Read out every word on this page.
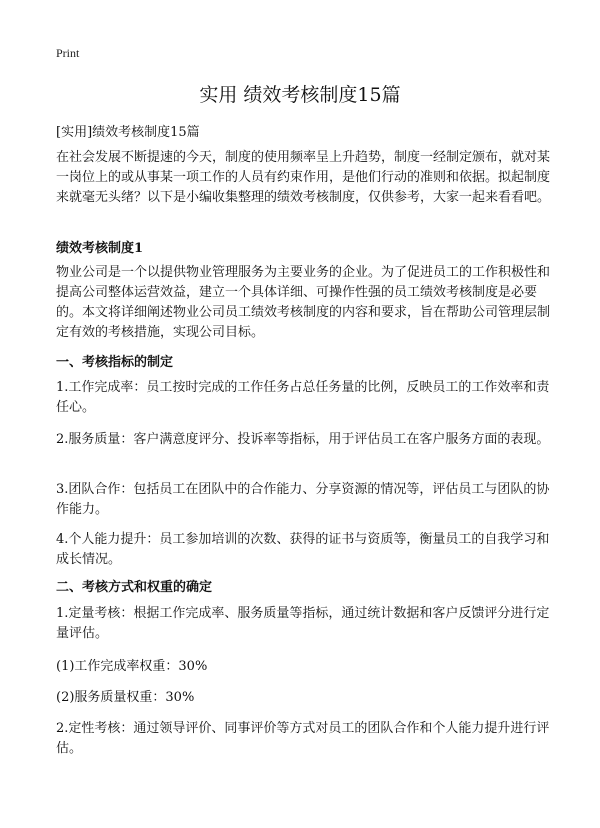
Print
实用 绩效考核制度15篇
[实用]绩效考核制度15篇

在社会发展不断提速的今天，制度的使用频率呈上升趋势，制度一经制定颁布，就对某一岗位上的或从事某一项工作的人员有约束作用，是他们行动的准则和依据。拟起制度来就毫无头绪？以下是小编收集整理的绩效考核制度，仅供参考，大家一起来看看吧。

绩效考核制度1

物业公司是一个以提供物业管理服务为主要业务的企业。为了促进员工的工作积极性和提高公司整体运营效益，建立一个具体详细、可操作性强的员工绩效考核制度是必要的。本文将详细阐述物业公司员工绩效考核制度的内容和要求，旨在帮助公司管理层制定有效的考核措施，实现公司目标。

一、考核指标的制定

1.工作完成率：员工按时完成的工作任务占总任务量的比例，反映员工的工作效率和责任心。

2.服务质量：客户满意度评分、投诉率等指标，用于评估员工在客户服务方面的表现。

3.团队合作：包括员工在团队中的合作能力、分享资源的情况等，评估员工与团队的协作能力。

4.个人能力提升：员工参加培训的次数、获得的证书与资质等，衡量员工的自我学习和成长情况。

二、考核方式和权重的确定

1.定量考核：根据工作完成率、服务质量等指标，通过统计数据和客户反馈评分进行定量评估。

(1)工作完成率权重：30%

(2)服务质量权重：30%

2.定性考核：通过领导评价、同事评价等方式对员工的团队合作和个人能力提升进行评估。
